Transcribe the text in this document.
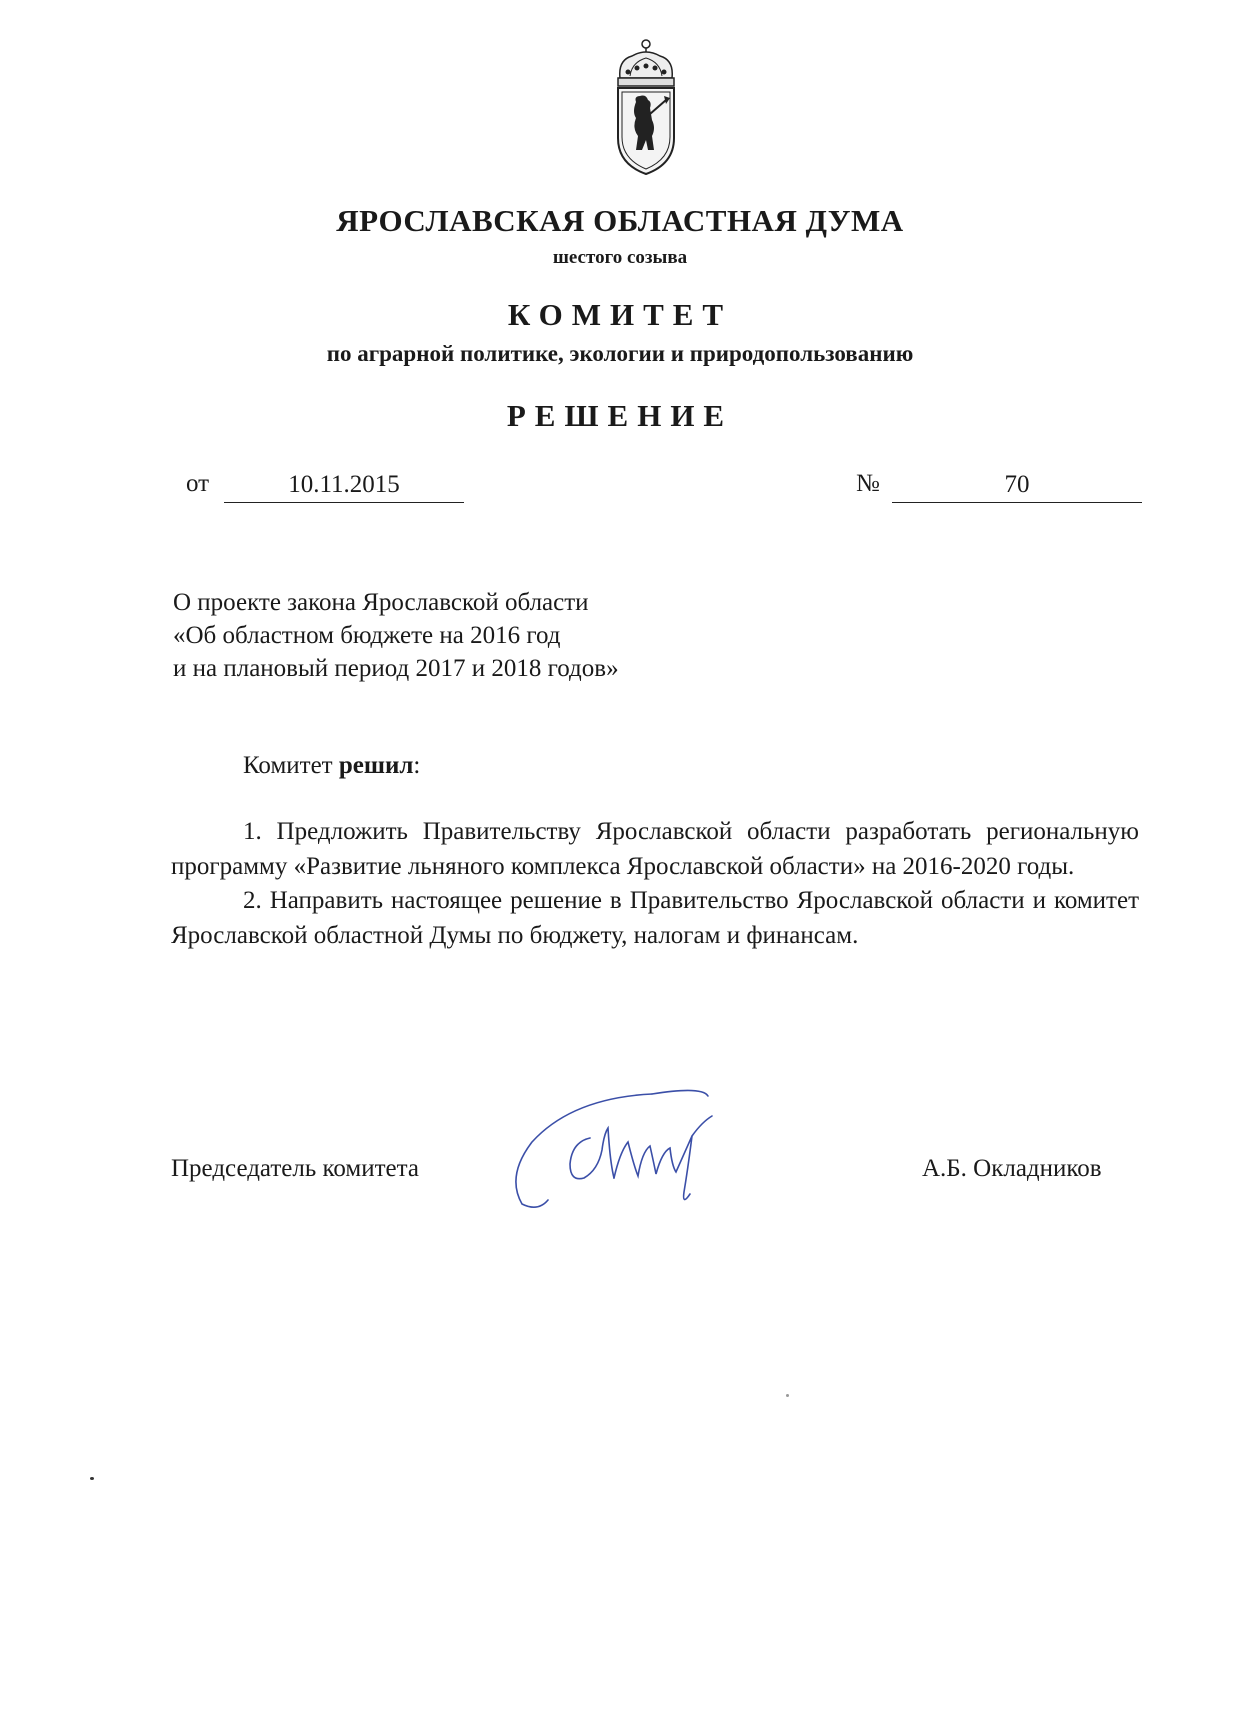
ЯРОСЛАВСКАЯ ОБЛАСТНАЯ ДУМА
шестого созыва
КОМИТЕТ
по аграрной политике, экологии и природопользованию
РЕШЕНИЕ
от	10.11.2015	№	70
О проекте закона Ярославской области
«Об областном бюджете на 2016 год
и на плановый период 2017 и 2018 годов»
Комитет решил:

1. Предложить Правительству Ярославской области разработать региональную программу «Развитие льняного комплекса Ярославской области» на 2016-2020 годы.

2. Направить настоящее решение в Правительство Ярославской области и комитет Ярославской областной Думы по бюджету, налогам и финансам.

Председатель комитета	А.Б. Окладников
